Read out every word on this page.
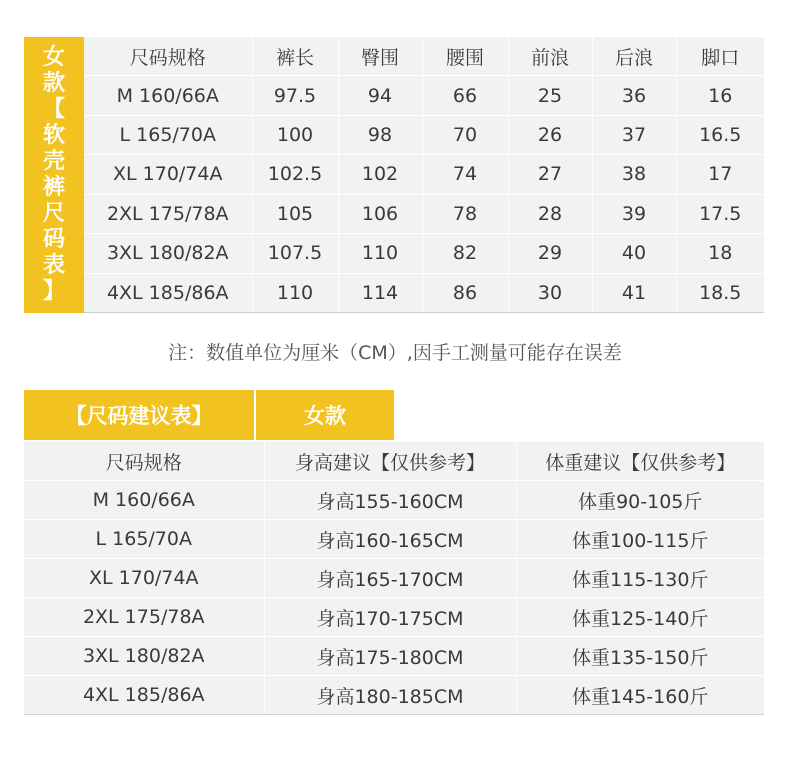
女
款
【
软
壳
裤
尺
码
表
】
尺码规格	裤长	臀围	腰围	前浪	后浪	脚口
M 160/66A	97.5	94	66	25	36	16
L 165/70A	100	98	70	26	37	16.5
XL 170/74A	102.5	102	74	27	38	17
2XL 175/78A	105	106	78	28	39	17.5
3XL 180/82A	107.5	110	82	29	40	18
4XL 185/86A	110	114	86	30	41	18.5
注：数值单位为厘米（CM）,因手工测量可能存在误差
【尺码建议表】	女款
尺码规格	身高建议【仅供参考】	体重建议【仅供参考】
M 160/66A	身高155-160CM	体重90-105斤
L 165/70A	身高160-165CM	体重100-115斤
XL 170/74A	身高165-170CM	体重115-130斤
2XL 175/78A	身高170-175CM	体重125-140斤
3XL 180/82A	身高175-180CM	体重135-150斤
4XL 185/86A	身高180-185CM	体重145-160斤
